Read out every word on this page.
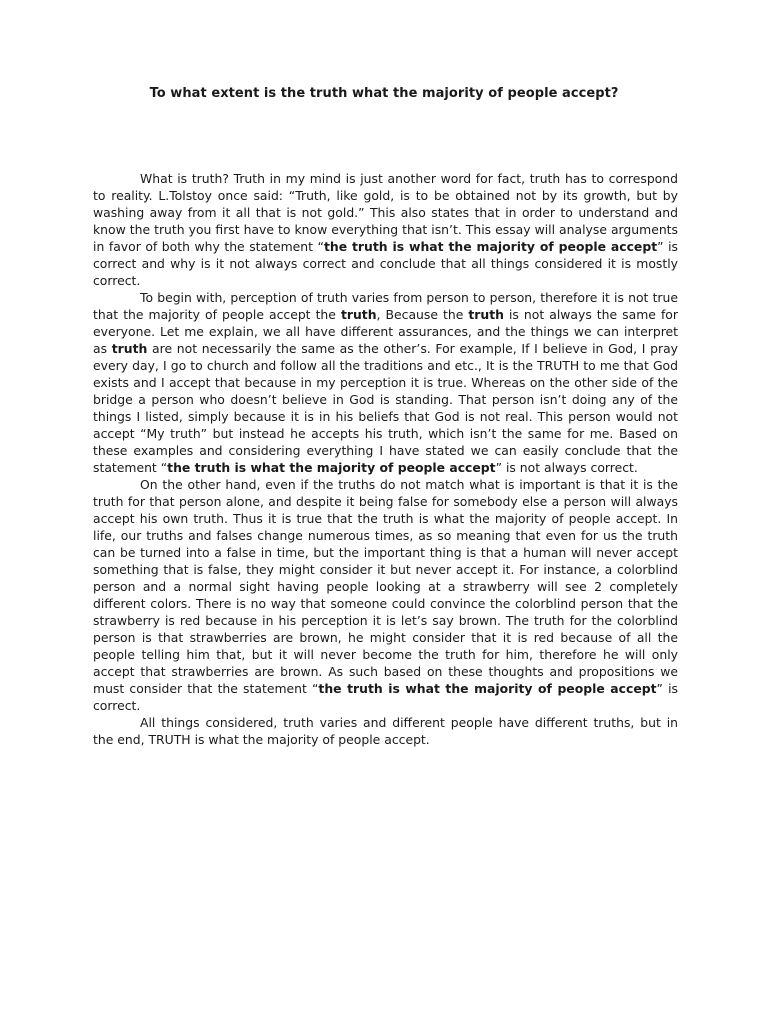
To what extent is the truth what the majority of people accept?

What is truth? Truth in my mind is just another word for fact, truth has to correspond to reality. L.Tolstoy once said: “Truth, like gold, is to be obtained not by its growth, but by washing away from it all that is not gold.” This also states that in order to understand and know the truth you first have to know everything that isn’t. This essay will analyse arguments in favor of both why the statement “the truth is what the majority of people accept” is correct and why is it not always correct and conclude that all things considered it is mostly correct.

To begin with, perception of truth varies from person to person, therefore it is not true that the majority of people accept the truth, Because the truth is not always the same for everyone. Let me explain, we all have different assurances, and the things we can interpret as truth are not necessarily the same as the other’s. For example, If I believe in God, I pray every day, I go to church and follow all the traditions and etc., It is the TRUTH to me that God exists and I accept that because in my perception it is true. Whereas on the other side of the bridge a person who doesn’t believe in God is standing. That person isn’t doing any of the things I listed, simply because it is in his beliefs that God is not real. This person would not accept “My truth” but instead he accepts his truth, which isn’t the same for me. Based on these examples and considering everything I have stated we can easily conclude that the statement “the truth is what the majority of people accept” is not always correct.

On the other hand, even if the truths do not match what is important is that it is the truth for that person alone, and despite it being false for somebody else a person will always accept his own truth. Thus it is true that the truth is what the majority of people accept. In life, our truths and falses change numerous times, as so meaning that even for us the truth can be turned into a false in time, but the important thing is that a human will never accept something that is false, they might consider it but never accept it. For instance, a colorblind person and a normal sight having people looking at a strawberry will see 2 completely different colors. There is no way that someone could convince the colorblind person that the strawberry is red because in his perception it is let’s say brown. The truth for the colorblind person is that strawberries are brown, he might consider that it is red because of all the people telling him that, but it will never become the truth for him, therefore he will only accept that strawberries are brown. As such based on these thoughts and propositions we must consider that the statement “the truth is what the majority of people accept” is correct.

All things considered, truth varies and different people have different truths, but in the end, TRUTH is what the majority of people accept.
